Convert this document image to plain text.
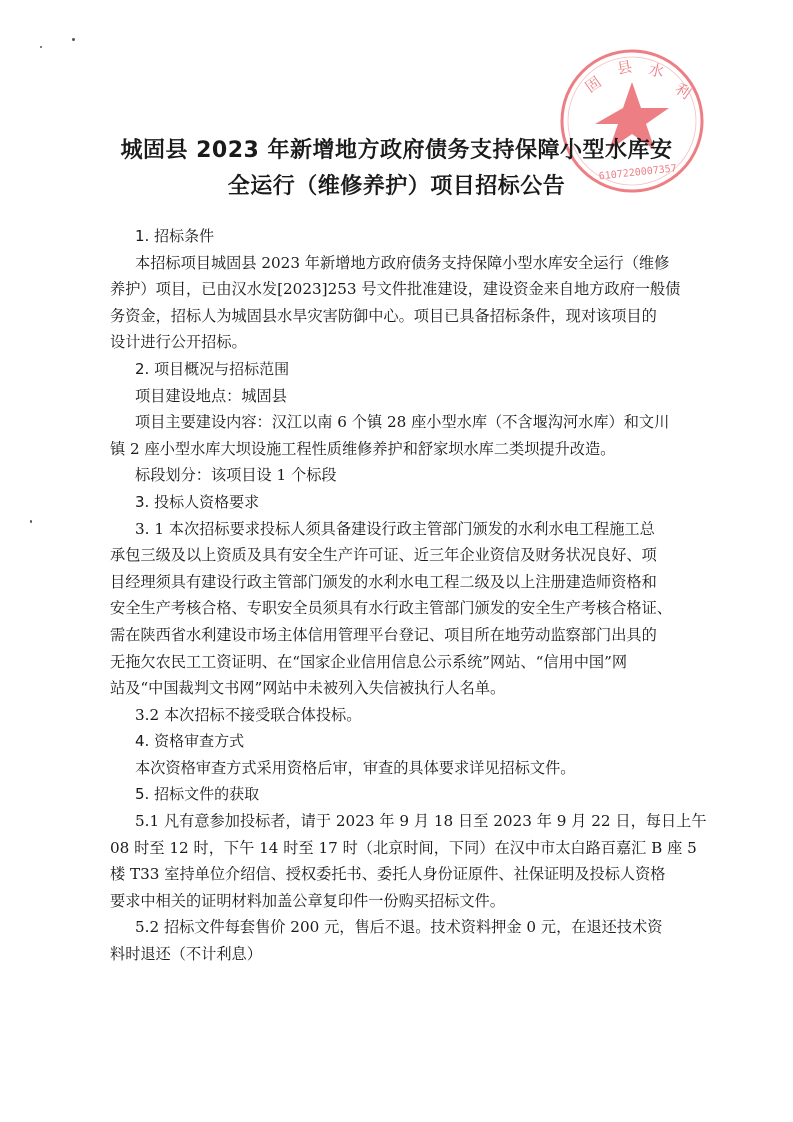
固
县 水
利
6107220007357
城固县 2023 年新增地方政府债务支持保障小型水库安
全运行（维修养护）项目招标公告
1. 招标条件
本招标项目城固县 2023 年新增地方政府债务支持保障小型水库安全运行（维修
养护）项目，已由汉水发[2023]253 号文件批准建设，建设资金来自地方政府一般债
务资金，招标人为城固县水旱灾害防御中心。项目已具备招标条件，现对该项目的
设计进行公开招标。
2. 项目概况与招标范围
项目建设地点：城固县
项目主要建设内容：汉江以南 6 个镇 28 座小型水库（不含堰沟河水库）和文川
镇 2 座小型水库大坝设施工程性质维修养护和舒家坝水库二类坝提升改造。
标段划分：该项目设 1 个标段
3. 投标人资格要求
3. 1 本次招标要求投标人须具备建设行政主管部门颁发的水利水电工程施工总
承包三级及以上资质及具有安全生产许可证、近三年企业资信及财务状况良好、项
目经理须具有建设行政主管部门颁发的水利水电工程二级及以上注册建造师资格和
安全生产考核合格、专职安全员须具有水行政主管部门颁发的安全生产考核合格证、
需在陕西省水利建设市场主体信用管理平台登记、项目所在地劳动监察部门出具的
无拖欠农民工工资证明、在“国家企业信用信息公示系统”网站、“信用中国”网
站及“中国裁判文书网”网站中未被列入失信被执行人名单。
3.2 本次招标不接受联合体投标。
4. 资格审查方式
本次资格审查方式采用资格后审，审查的具体要求详见招标文件。
5. 招标文件的获取
5.1 凡有意参加投标者，请于 2023 年 9 月 18 日至 2023 年 9 月 22 日，每日上午
08 时至 12 时，下午 14 时至 17 时（北京时间，下同）在汉中市太白路百嘉汇 B 座 5
楼 T33 室持单位介绍信、授权委托书、委托人身份证原件、社保证明及投标人资格
要求中相关的证明材料加盖公章复印件一份购买招标文件。
5.2 招标文件每套售价 200 元，售后不退。技术资料押金 0 元，在退还技术资
料时退还（不计利息）
